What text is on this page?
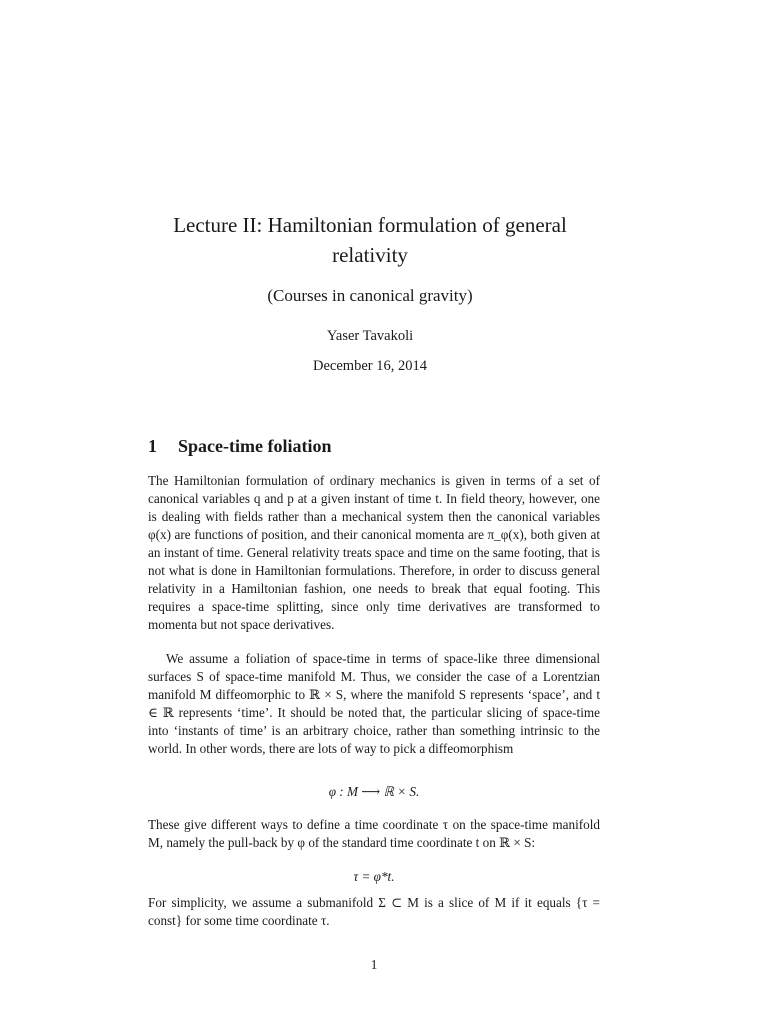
Lecture II: Hamiltonian formulation of general relativity
(Courses in canonical gravity)
Yaser Tavakoli
December 16, 2014
1 Space-time foliation

The Hamiltonian formulation of ordinary mechanics is given in terms of a set of canonical variables q and p at a given instant of time t. In field theory, however, one is dealing with fields rather than a mechanical system then the canonical variables φ(x) are functions of position, and their canonical momenta are π_φ(x), both given at an instant of time. General relativity treats space and time on the same footing, that is not what is done in Hamiltonian formulations. Therefore, in order to discuss general relativity in a Hamiltonian fashion, one needs to break that equal footing. This requires a space-time splitting, since only time derivatives are transformed to momenta but not space derivatives.

We assume a foliation of space-time in terms of space-like three dimensional surfaces S of space-time manifold M. Thus, we consider the case of a Lorentzian manifold M diffeomorphic to ℝ × S, where the manifold S represents ‘space’, and t ∈ ℝ represents ‘time’. It should be noted that, the particular slicing of space-time into ‘instants of time’ is an arbitrary choice, rather than something intrinsic to the world. In other words, there are lots of way to pick a diffeomorphism

φ : M ⟶ ℝ × S.

These give different ways to define a time coordinate τ on the space-time manifold M, namely the pull-back by φ of the standard time coordinate t on ℝ × S:

τ = φ*t.

For simplicity, we assume a submanifold Σ ⊂ M is a slice of M if it equals {τ = const} for some time coordinate τ.

1
